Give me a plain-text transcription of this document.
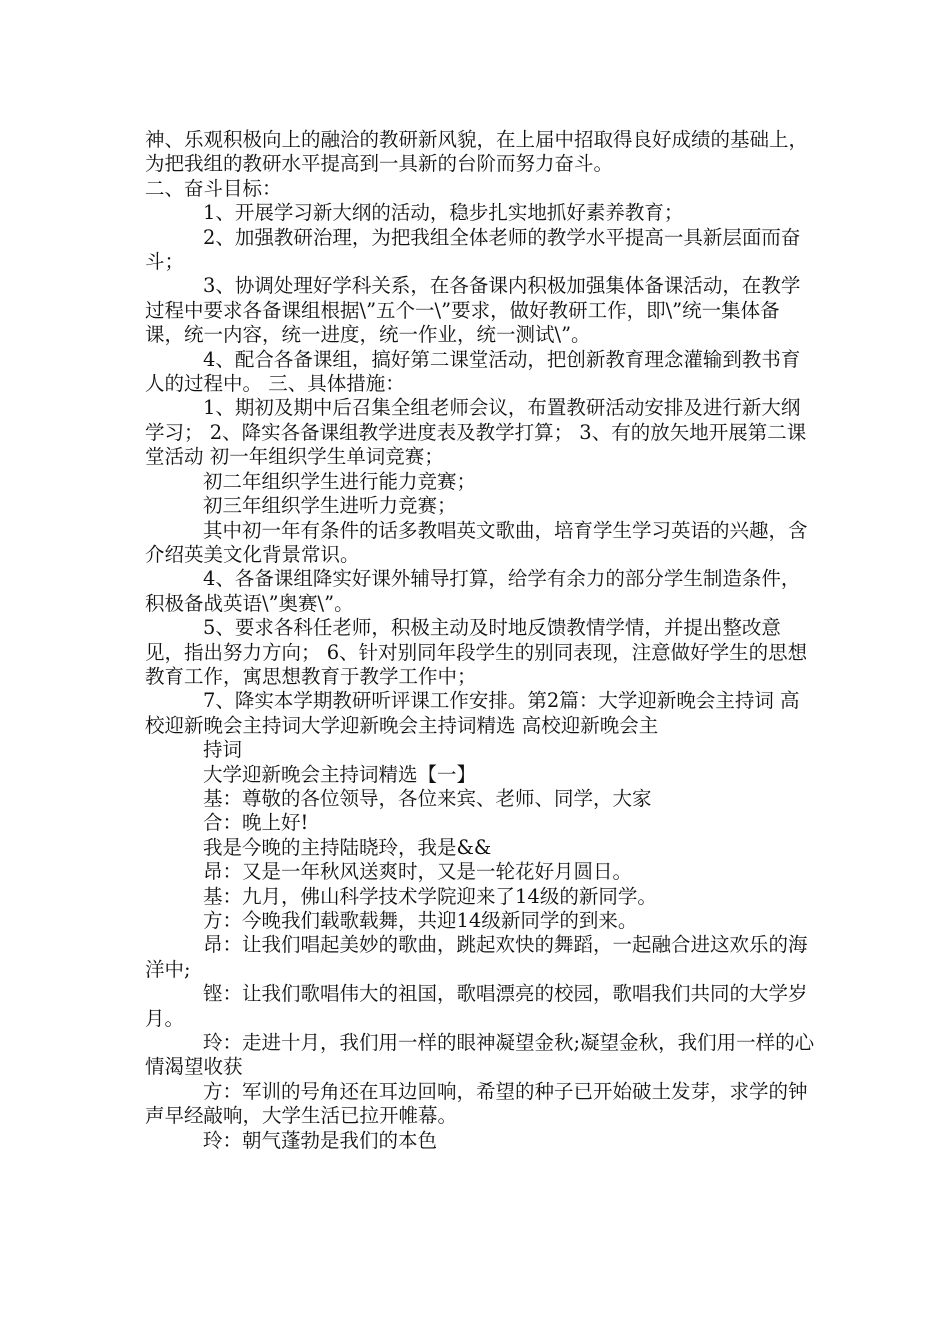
神、乐观积极向上的融洽的教研新风貌，在上届中招取得良好成绩的基础上，为把我组的教研水平提高到一具新的台阶而努力奋斗。

二、奋斗目标：

1、开展学习新大纲的活动，稳步扎实地抓好素养教育；

2、加强教研治理，为把我组全体老师的教学水平提高一具新层面而奋斗；

3、协调处理好学科关系，在各备课内积极加强集体备课活动，在教学过程中要求各备课组根据\”五个一\”要求，做好教研工作，即\”统一集体备课，统一内容，统一进度，统一作业，统一测试\”。

4、配合各备课组，搞好第二课堂活动，把创新教育理念灌输到教书育人的过程中。 三、具体措施：

1、期初及期中后召集全组老师会议，布置教研活动安排及进行新大纲学习； 2、降实各备课组教学进度表及教学打算； 3、有的放矢地开展第二课堂活动 初一年组织学生单词竞赛；

初二年组织学生进行能力竞赛；

初三年组织学生进听力竞赛；

其中初一年有条件的话多教唱英文歌曲，培育学生学习英语的兴趣，含介绍英美文化背景常识。

4、各备课组降实好课外辅导打算，给学有余力的部分学生制造条件，积极备战英语\”奥赛\”。

5、要求各科任老师，积极主动及时地反馈教情学情，并提出整改意见，指出努力方向； 6、针对别同年段学生的别同表现，注意做好学生的思想教育工作，寓思想教育于教学工作中；

7、降实本学期教研听评课工作安排。第2篇：大学迎新晚会主持词 高校迎新晚会主持词大学迎新晚会主持词精选 高校迎新晚会主

持词

大学迎新晚会主持词精选【一】

基：尊敬的各位领导，各位来宾、老师、同学，大家

合：晚上好!

我是今晚的主持陆晓玲，我是&&

昂：又是一年秋风送爽时，又是一轮花好月圆日。

基：九月，佛山科学技术学院迎来了14级的新同学。

方：今晚我们载歌载舞，共迎14级新同学的到来。

昂：让我们唱起美妙的歌曲，跳起欢快的舞蹈，一起融合进这欢乐的海洋中;

铿：让我们歌唱伟大的祖国，歌唱漂亮的校园，歌唱我们共同的大学岁月。

玲：走进十月，我们用一样的眼神凝望金秋;凝望金秋，我们用一样的心情渴望收获

方：军训的号角还在耳边回响，希望的种子已开始破土发芽，求学的钟声早经敲响，大学生活已拉开帷幕。

玲：朝气蓬勃是我们的本色
